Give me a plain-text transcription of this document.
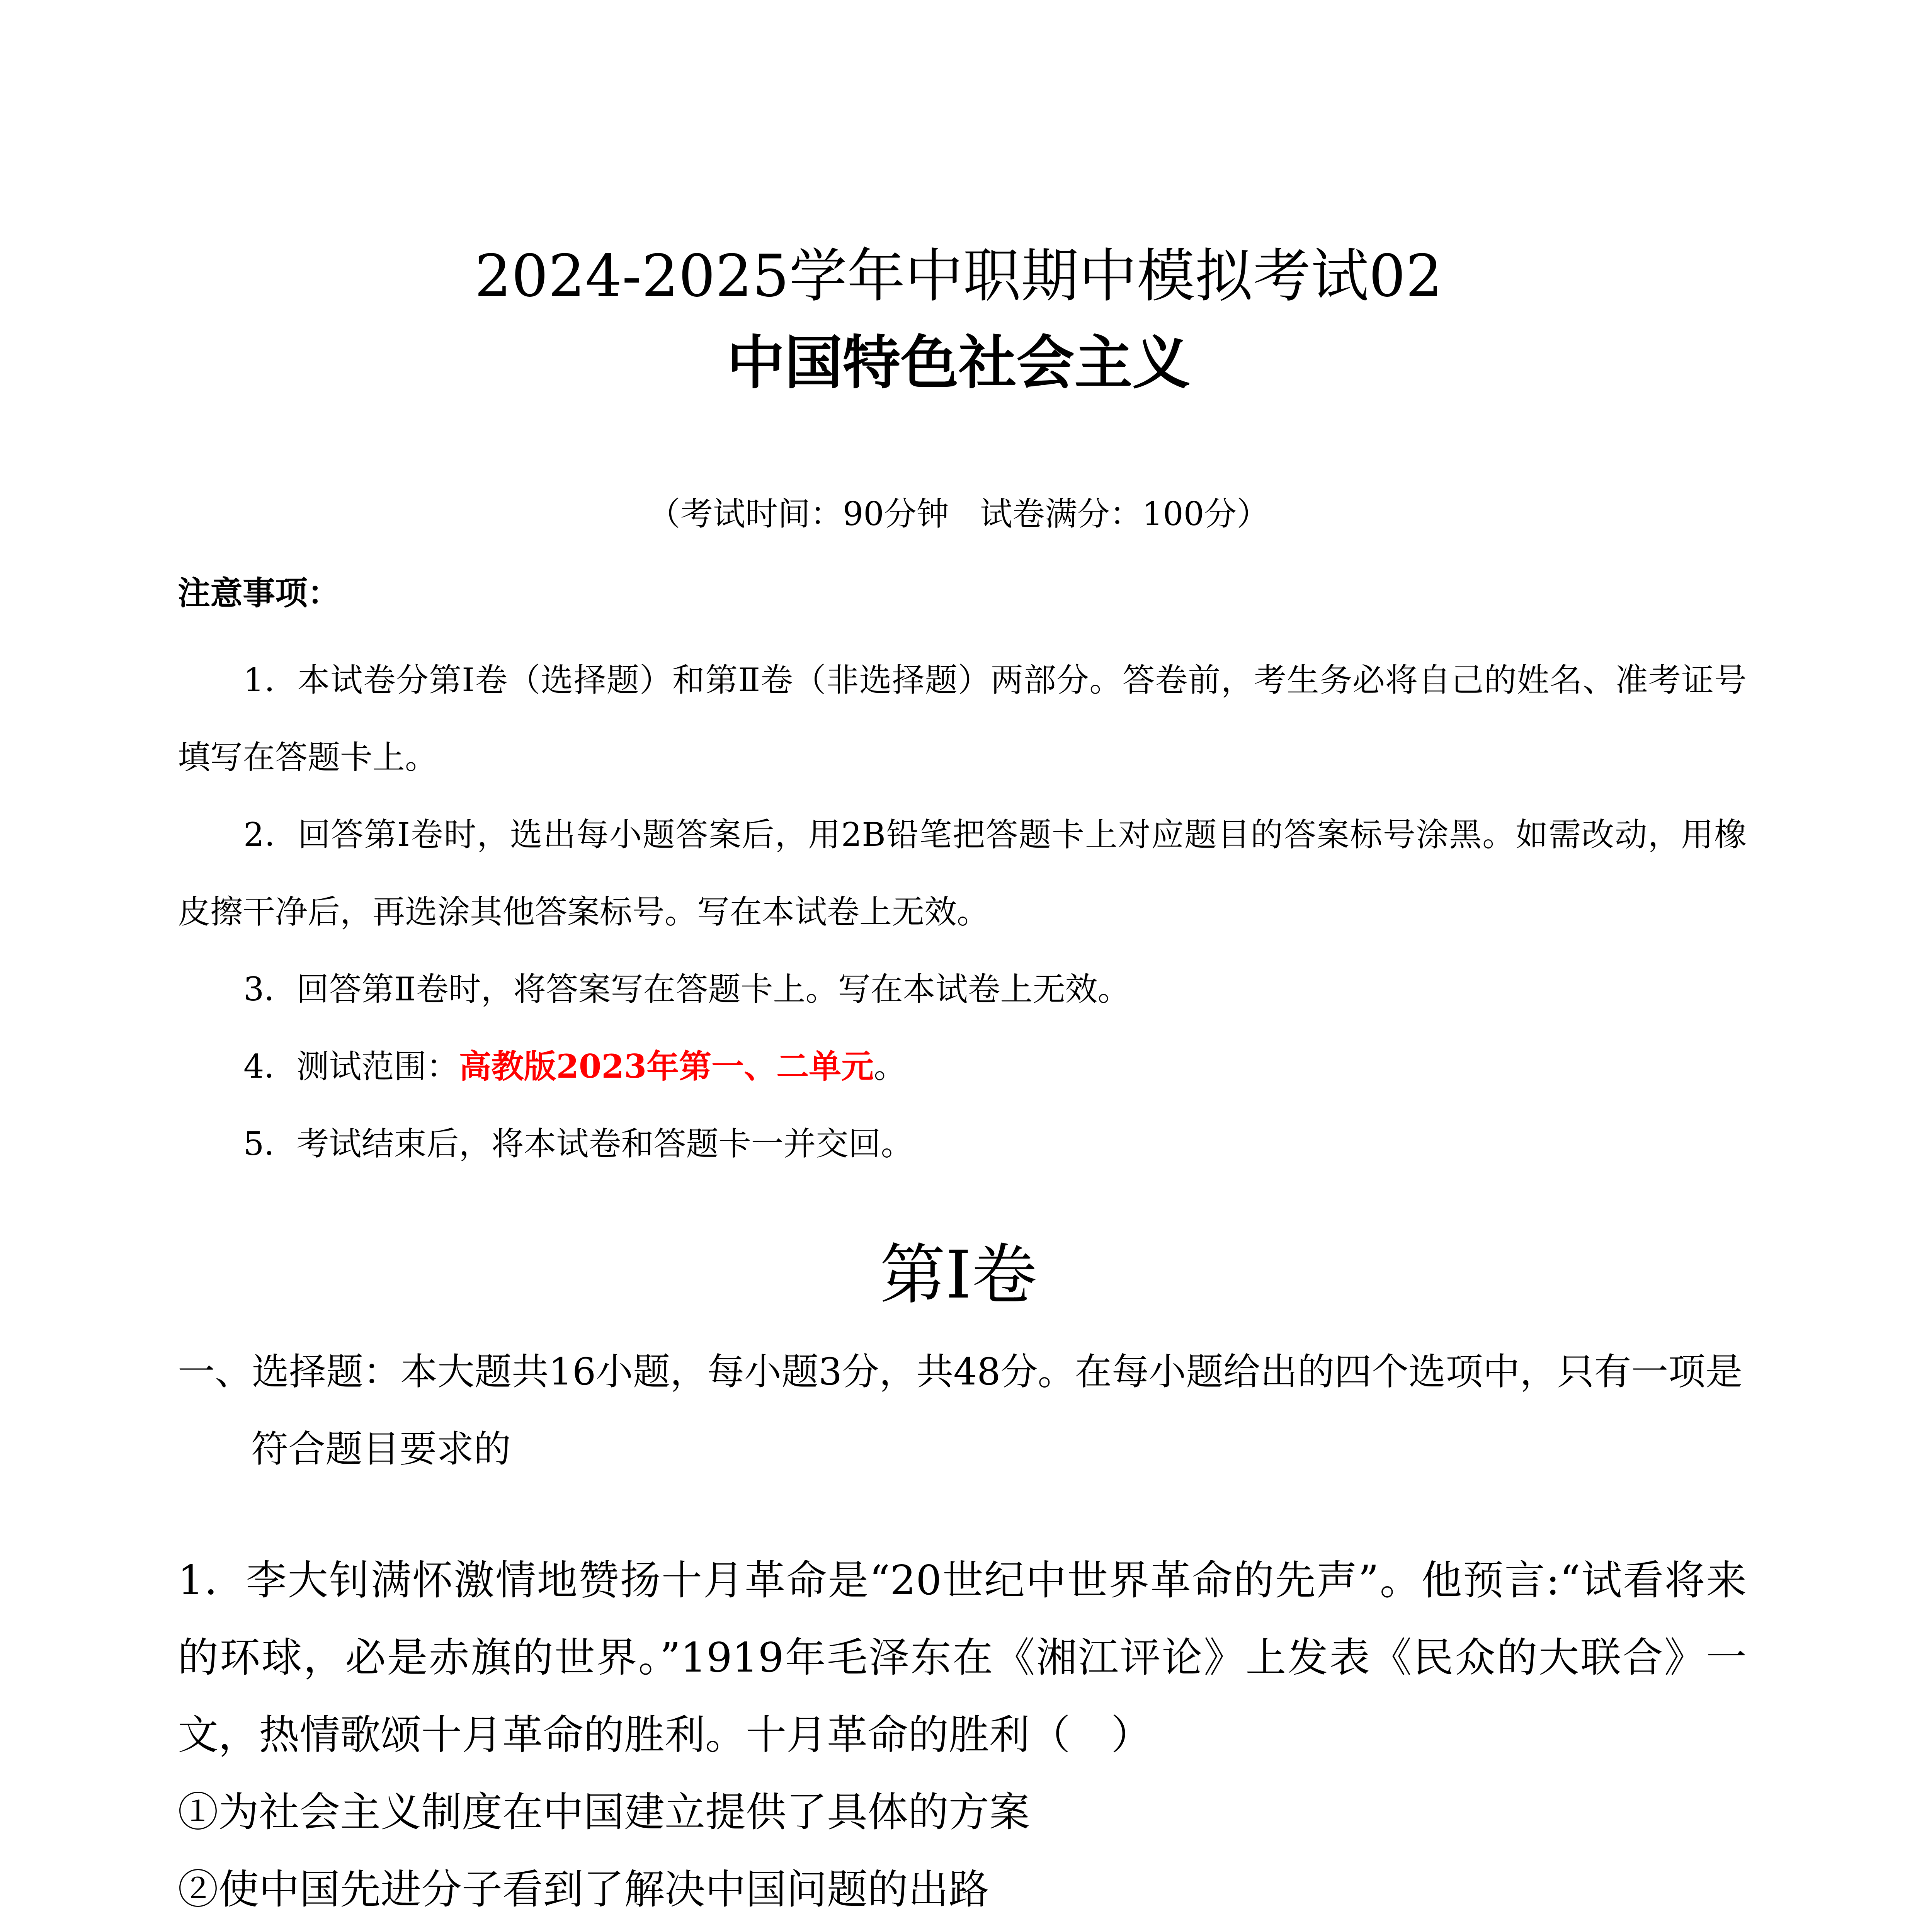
2024-2025学年中职期中模拟考试02
中国特色社会主义
（考试时间：90分钟   试卷满分：100分）
注意事项：
1．本试卷分第Ⅰ卷（选择题）和第Ⅱ卷（非选择题）两部分。答卷前，考生务必将自己的姓名、准考证号填写在答题卡上。
2．回答第Ⅰ卷时，选出每小题答案后，用2B铅笔把答题卡上对应题目的答案标号涂黑。如需改动，用橡皮擦干净后，再选涂其他答案标号。写在本试卷上无效。
3．回答第Ⅱ卷时，将答案写在答题卡上。写在本试卷上无效。
4．测试范围：高教版2023年第一、二单元。
5．考试结束后，将本试卷和答题卡一并交回。
第Ⅰ卷

一、选择题：本大题共16小题，每小题3分，共48分。在每小题给出的四个选项中，只有一项是符合题目要求的

1．李大钊满怀激情地赞扬十月革命是“20世纪中世界革命的先声”。他预言:“试看将来的环球，必是赤旗的世界。”1919年毛泽东在《湘江评论》上发表《民众的大联合》一文，热情歌颂十月革命的胜利。十月革命的胜利（　）

①为社会主义制度在中国建立提供了具体的方案

②使中国先进分子看到了解决中国问题的出路
